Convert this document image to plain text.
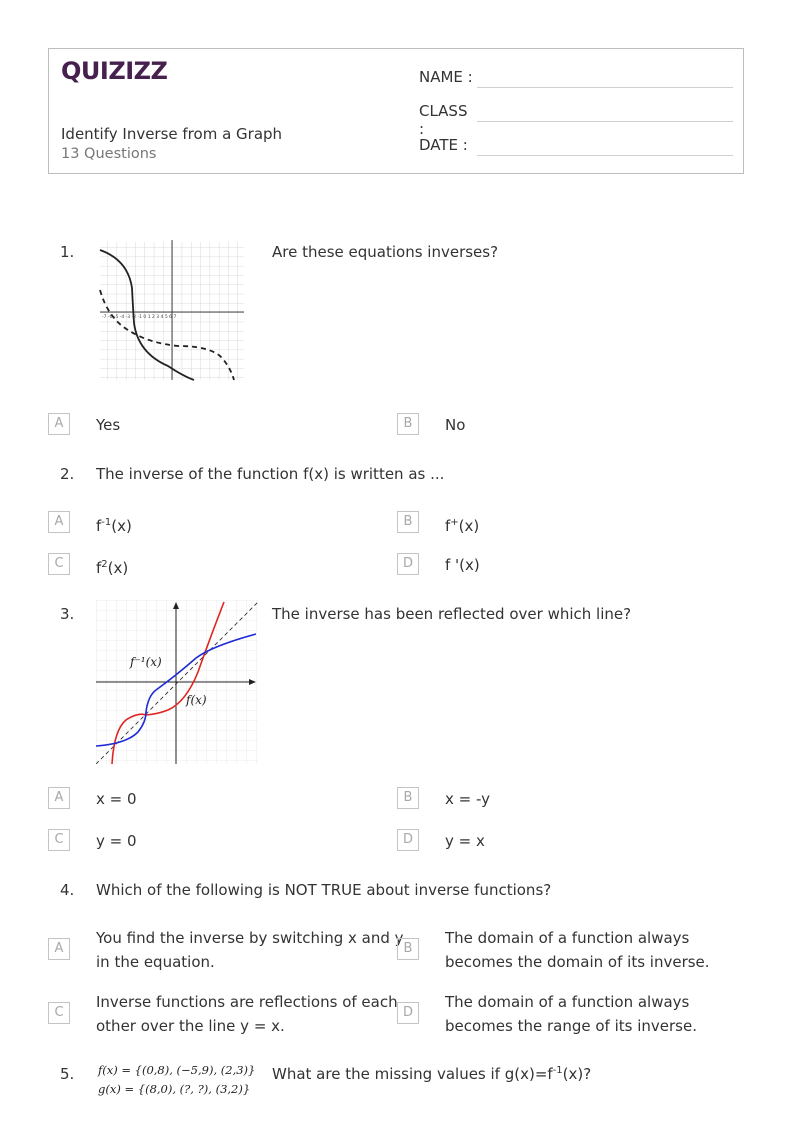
QUIZIZZ
Identify Inverse from a Graph
13 Questions
NAME :
CLASS :
DATE :
1.
-7 -6 -5 -4 -3 -2 -1 0 1 2 3 4 5 6 7
Are these equations inverses?
A	Yes	B	No
2. The inverse of the function f(x) is written as ...
A	$f^{-1}(x)$	B	f+(x)
C	$f^2(x)$	D	f '(x)
3.
f⁻¹(x)
f(x)
The inverse has been reflected over which line?
A	x = 0	B	x = -y
C	y = 0	D	y = x
4. Which of the following is NOT TRUE about inverse functions?
A
You find the inverse by switching x and y
in the equation.
B
The domain of a function always
becomes the domain of its inverse.
C
Inverse functions are reflections of each
other over the line y = x.
D
The domain of a function always
becomes the range of its inverse.
5. f(x) = {(0,8), (−5,9), (2,3)}
g(x) = {(8,0), (?, ?), (3,2)}
What are the missing values if $g(x)=f^{-1}(x)$?
